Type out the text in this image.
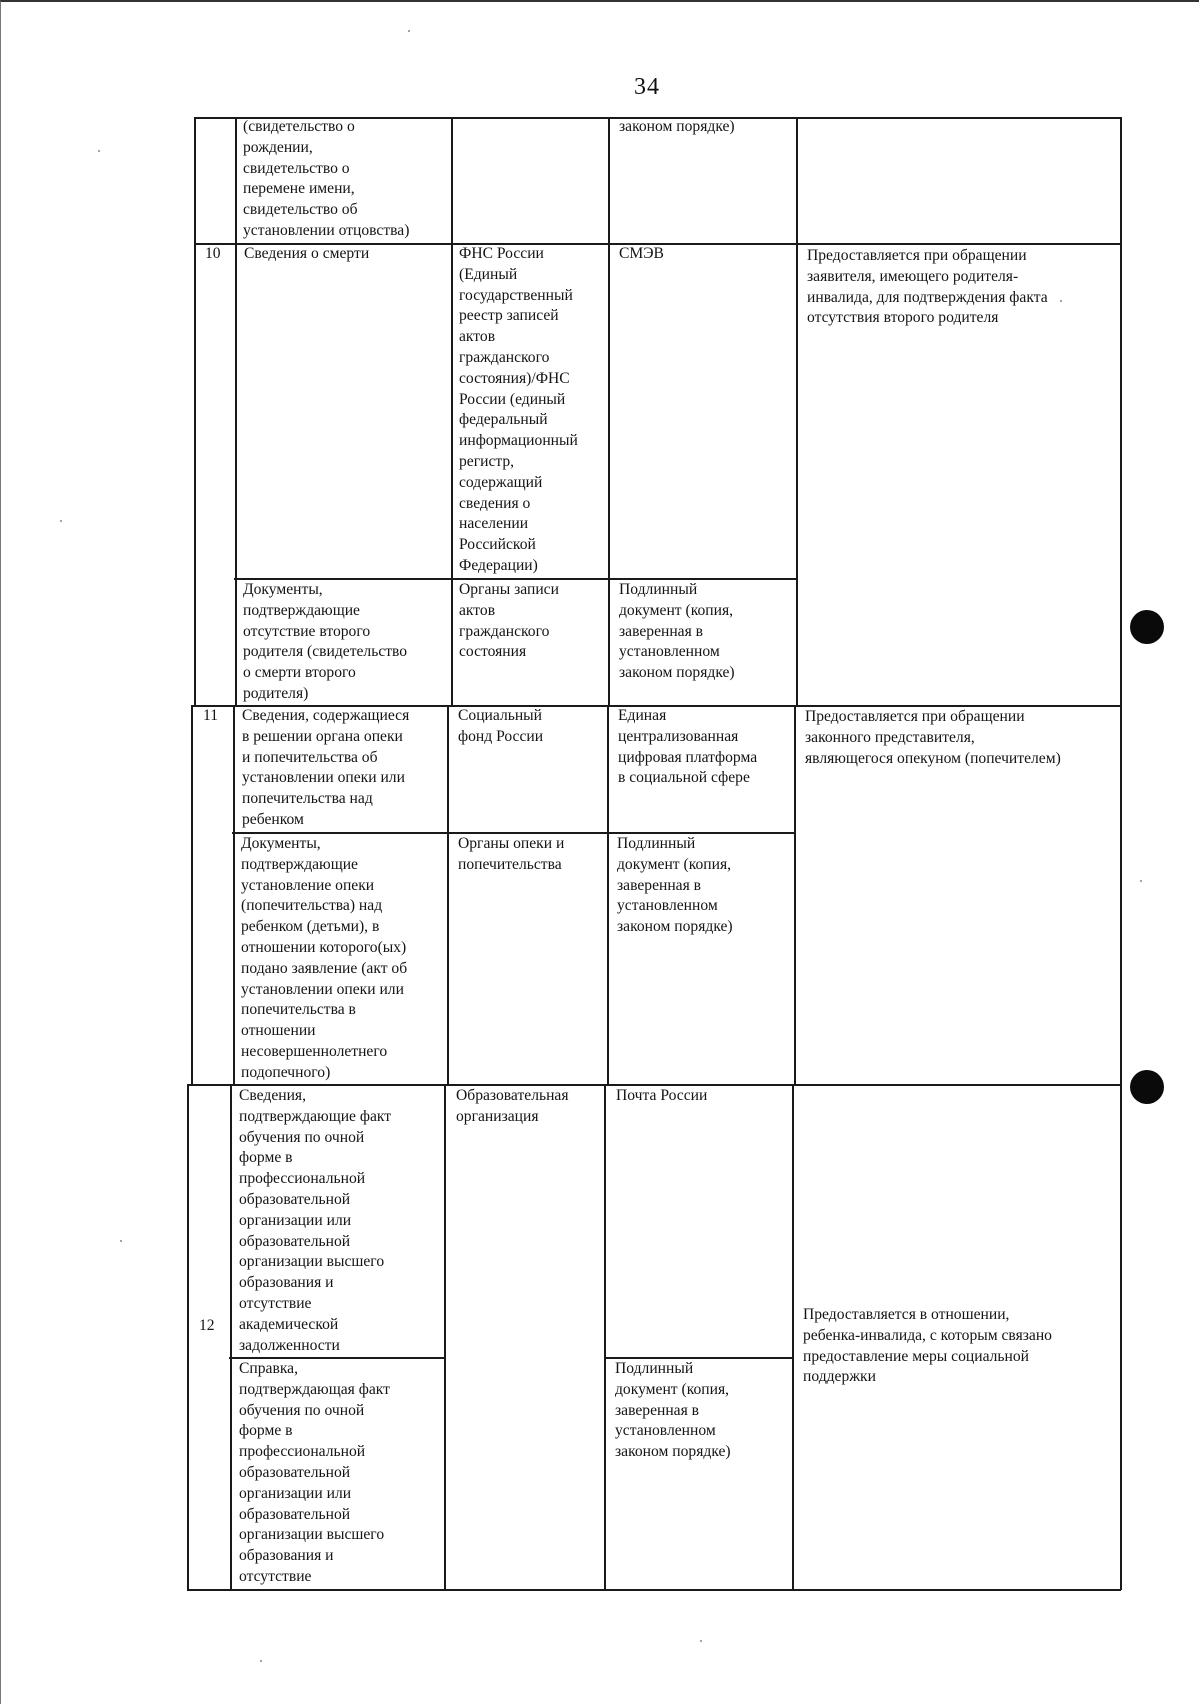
34
(свидетельство о
рождении,
свидетельство о
перемене имени,
свидетельство об
установлении отцовства)
законом порядке)
10 Сведения о смерти	ФНС России
(Единый
государственный
реестр записей
актов
гражданского
состояния)/ФНС
России (единый
федеральный
информационный
регистр,
содержащий
сведения о
населении
Российской
Федерации)
СМЭВ	Предоставляется при обращении
заявителя, имеющего родителя-
инвалида, для подтверждения факта
отсутствия второго родителя
Документы,
подтверждающие
отсутствие второго
родителя (свидетельство
о смерти второго
родителя)
Органы записи
актов
гражданского
состояния
Подлинный
документ (копия,
заверенная в
установленном
законом порядке)
11 Сведения, содержащиеся
в решении органа опеки
и попечительства об
установлении опеки или
попечительства над
ребенком
Социальный
фонд России
Единая
централизованная
цифровая платформа
в социальной сфере
Предоставляется при обращении
законного представителя,
являющегося опекуном (попечителем)
Документы,
подтверждающие
установление опеки
(попечительства) над
ребенком (детьми), в
отношении которого(ых)
подано заявление (акт об
установлении опеки или
попечительства в
отношении
несовершеннолетнего
подопечного)
Органы опеки и
попечительства
Подлинный
документ (копия,
заверенная в
установленном
законом порядке)
12
Сведения,
подтверждающие факт
обучения по очной
форме в
профессиональной
образовательной
организации или
образовательной
организации высшего
образования и
отсутствие
академической
задолженности
Образовательная
организация
Почта России
Предоставляется в отношении,
ребенка-инвалида, с которым связано
предоставление меры социальной
поддержки
Справка,
подтверждающая факт
обучения по очной
форме в
профессиональной
образовательной
организации или
образовательной
организации высшего
образования и
отсутствие
Подлинный
документ (копия,
заверенная в
установленном
законом порядке)
